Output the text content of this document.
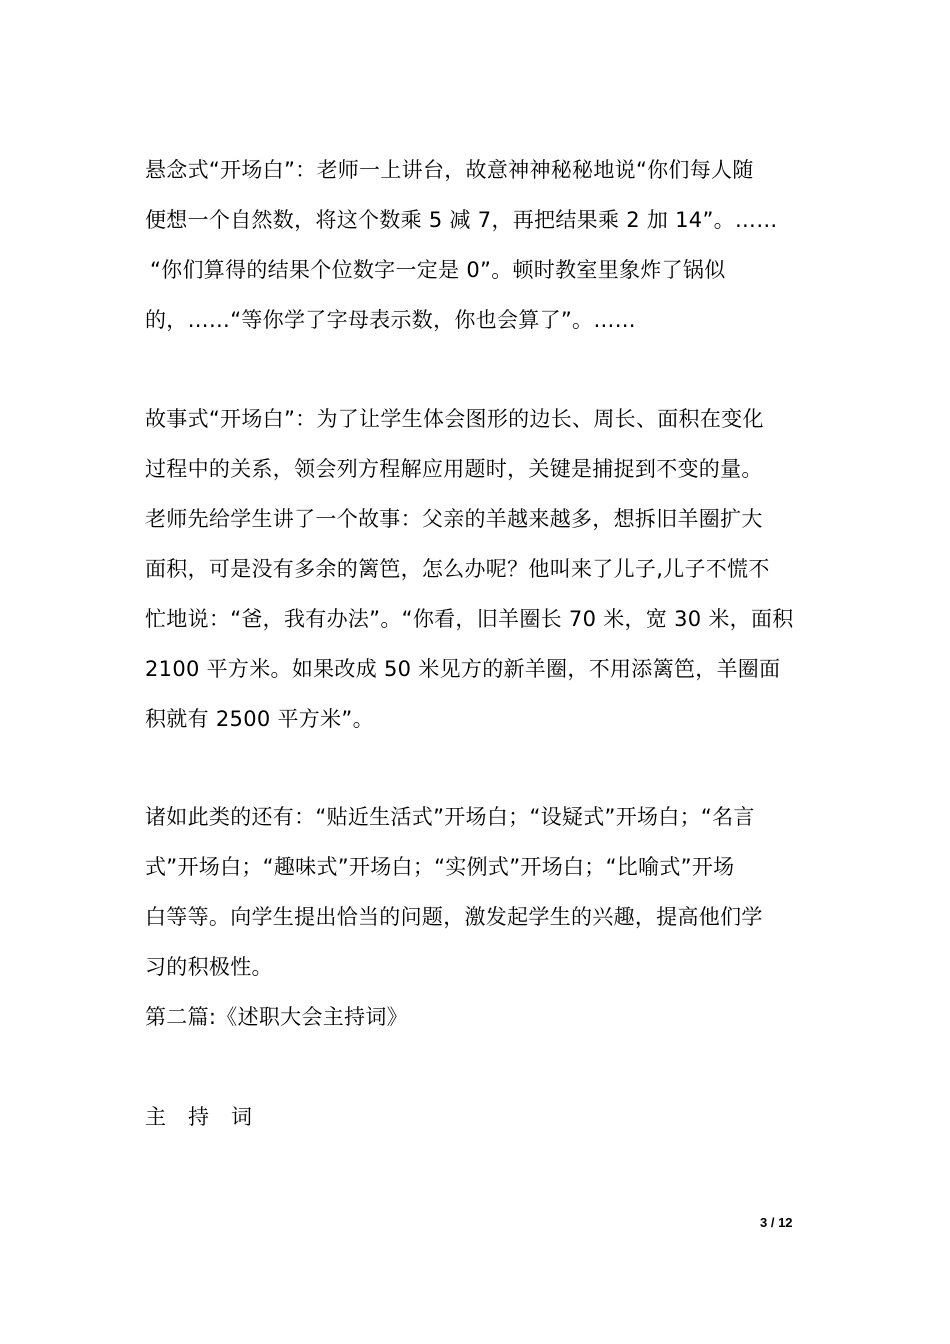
悬念式“开场白”：老师一上讲台，故意神神秘秘地说“你们每人随
便想一个自然数，将这个数乘 5 减 7，再把结果乘 2 加 14”。……
“你们算得的结果个位数字一定是 0”。顿时教室里象炸了锅似
的，……“等你学了字母表示数，你也会算了”。……
故事式“开场白”：为了让学生体会图形的边长、周长、面积在变化
过程中的关系，领会列方程解应用题时，关键是捕捉到不变的量。
老师先给学生讲了一个故事：父亲的羊越来越多，想拆旧羊圈扩大
面积，可是没有多余的篱笆，怎么办呢？他叫来了儿子,儿子不慌不
忙地说：“爸，我有办法”。“你看，旧羊圈长 70 米，宽 30 米，面积
2100 平方米。如果改成 50 米见方的新羊圈，不用添篱笆，羊圈面
积就有 2500 平方米”。
诸如此类的还有：“贴近生活式”开场白；“设疑式”开场白；“名言
式”开场白；“趣味式”开场白；“实例式”开场白；“比喻式”开场
白等等。向学生提出恰当的问题，激发起学生的兴趣，提高他们学
习的积极性。
第二篇:《述职大会主持词》
主持词
3 / 12
